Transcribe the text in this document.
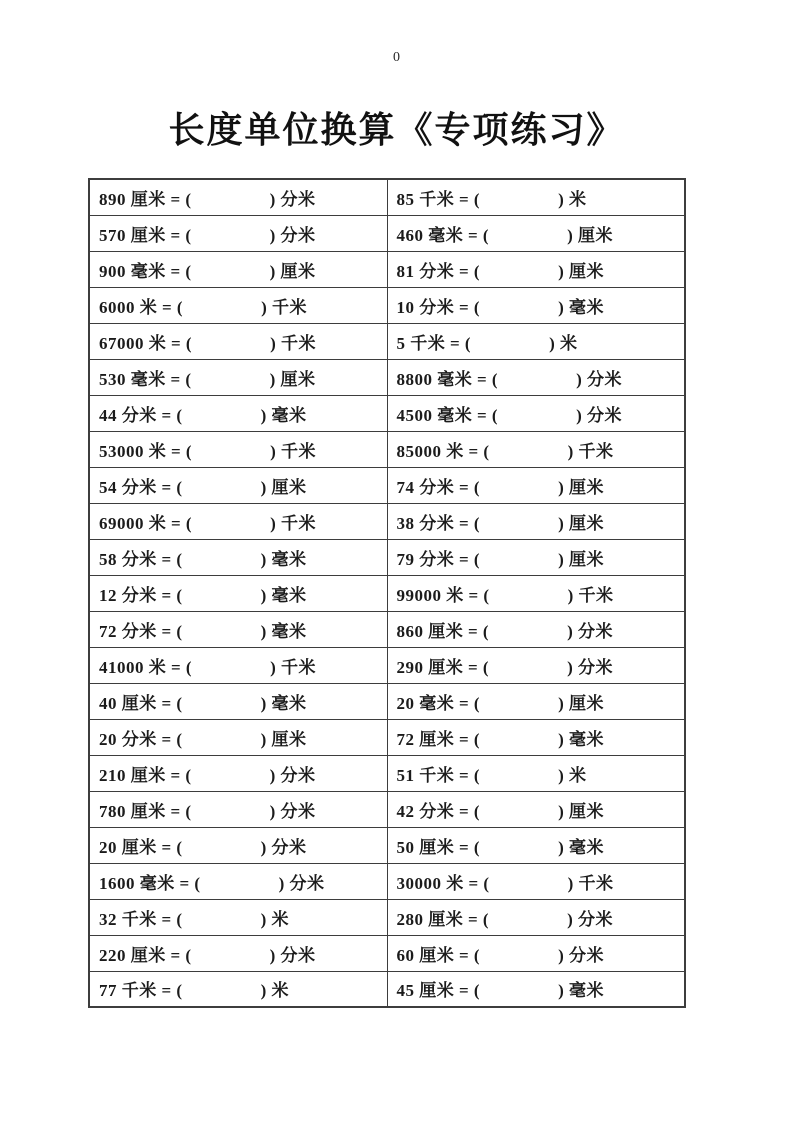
0
长度单位换算《专项练习》
890 厘米 = ( ) 分米	85 千米 = ( ) 米

570 厘米 = ( ) 分米	460 毫米 = ( ) 厘米

900 毫米 = ( ) 厘米	81 分米 = ( ) 厘米

6000 米 = ( ) 千米	10 分米 = ( ) 毫米

67000 米 = ( ) 千米	5 千米 = ( ) 米

530 毫米 = ( ) 厘米	8800 毫米 = ( ) 分米

44 分米 = ( ) 毫米	4500 毫米 = ( ) 分米

53000 米 = ( ) 千米	85000 米 = ( ) 千米

54 分米 = ( ) 厘米	74 分米 = ( ) 厘米

69000 米 = ( ) 千米	38 分米 = ( ) 厘米

58 分米 = ( ) 毫米	79 分米 = ( ) 厘米

12 分米 = ( ) 毫米	99000 米 = ( ) 千米

72 分米 = ( ) 毫米	860 厘米 = ( ) 分米

41000 米 = ( ) 千米	290 厘米 = ( ) 分米

40 厘米 = ( ) 毫米	20 毫米 = ( ) 厘米

20 分米 = ( ) 厘米	72 厘米 = ( ) 毫米

210 厘米 = ( ) 分米	51 千米 = ( ) 米

780 厘米 = ( ) 分米	42 分米 = ( ) 厘米

20 厘米 = ( ) 分米	50 厘米 = ( ) 毫米

1600 毫米 = ( ) 分米	30000 米 = ( ) 千米

32 千米 = ( ) 米	280 厘米 = ( ) 分米

220 厘米 = ( ) 分米	60 厘米 = ( ) 分米

77 千米 = ( ) 米	45 厘米 = ( ) 毫米
